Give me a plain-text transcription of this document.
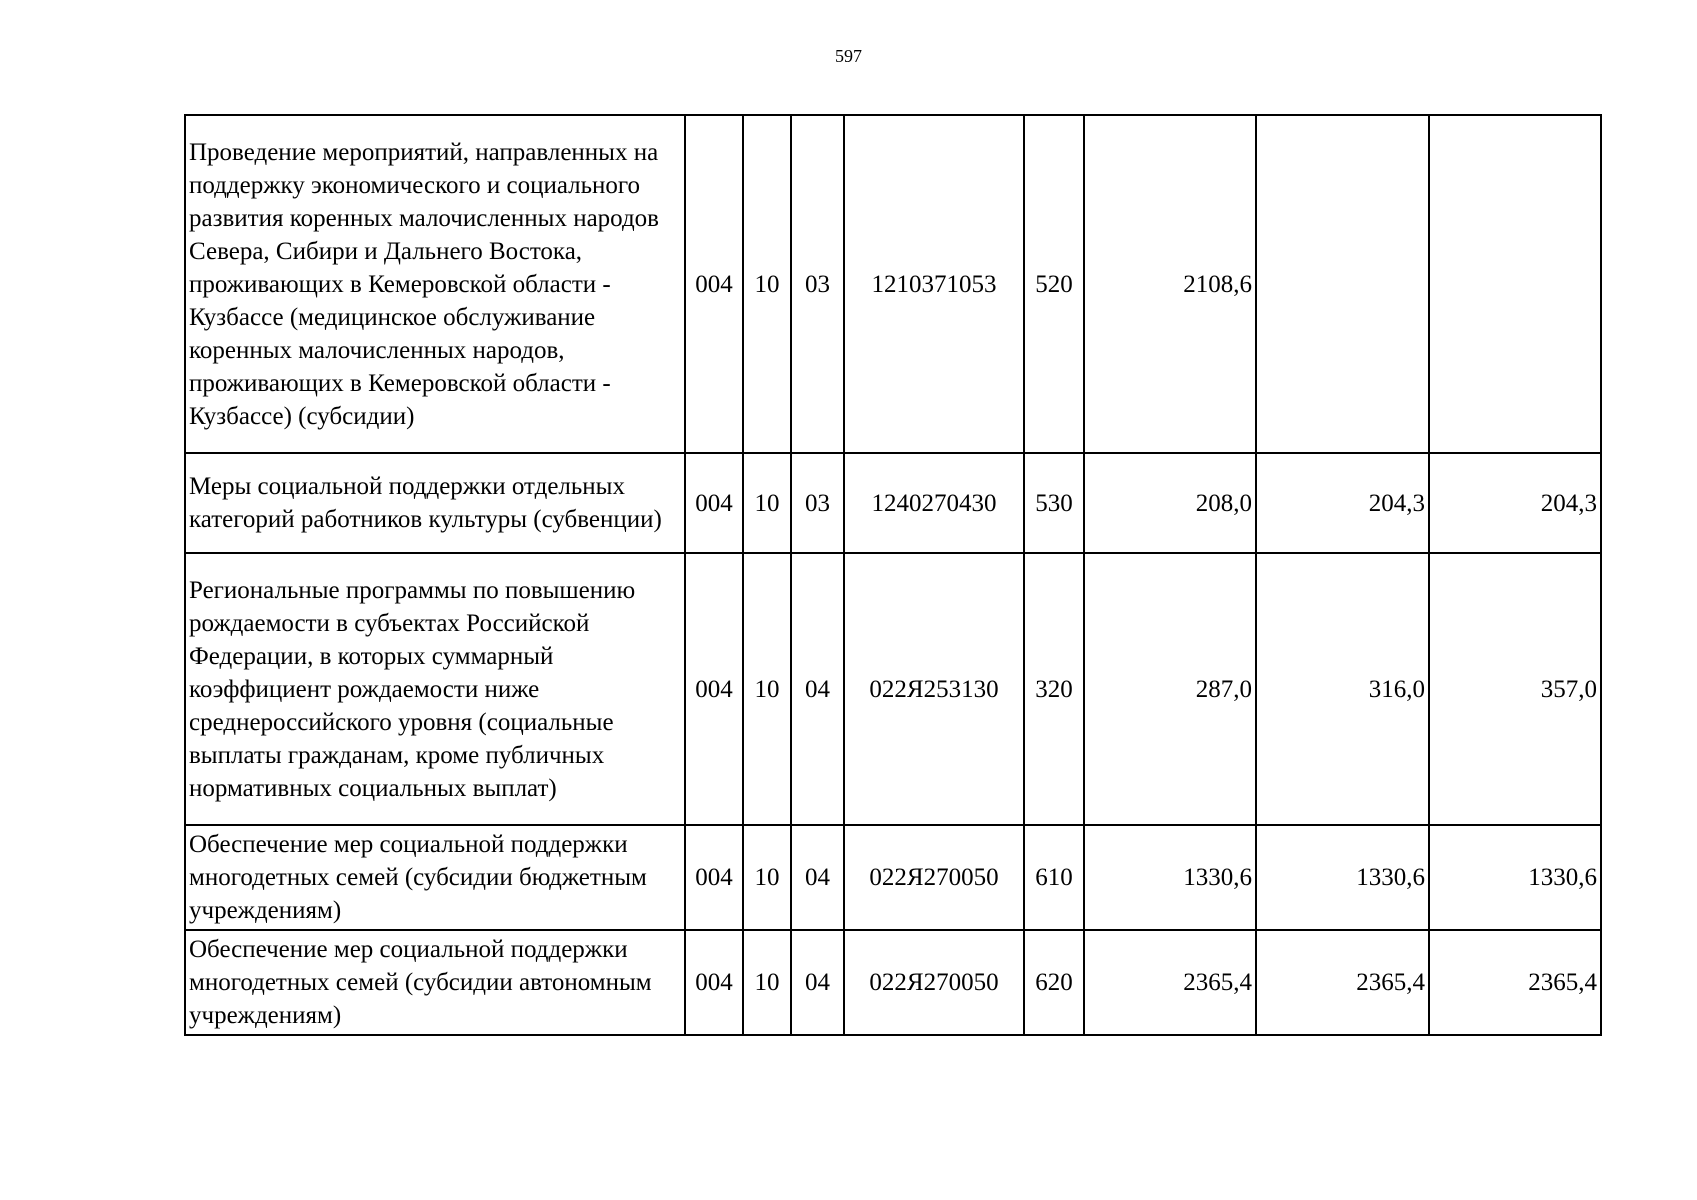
597
Проведение мероприятий, направленных на поддержку экономического и социального развития коренных малочисленных народов Севера, Сибири и Дальнего Востока, проживающих в Кемеровской области - Кузбассе (медицинское обслуживание коренных малочисленных народов, проживающих в Кемеровской области - Кузбассе) (субсидии)	004	10	03	1210371053	520	2108,6		
Меры социальной поддержки отдельных категорий работников культуры (субвенции)	004	10	03	1240270430	530	208,0	204,3	204,3
Региональные программы по повышению рождаемости в субъектах Российской Федерации, в которых суммарный коэффициент рождаемости ниже среднероссийского уровня (социальные выплаты гражданам, кроме публичных нормативных социальных выплат)	004	10	04	022Я253130	320	287,0	316,0	357,0
Обеспечение мер социальной поддержки многодетных семей (субсидии бюджетным учреждениям)	004	10	04	022Я270050	610	1330,6	1330,6	1330,6
Обеспечение мер социальной поддержки многодетных семей (субсидии автономным учреждениям)	004	10	04	022Я270050	620	2365,4	2365,4	2365,4
